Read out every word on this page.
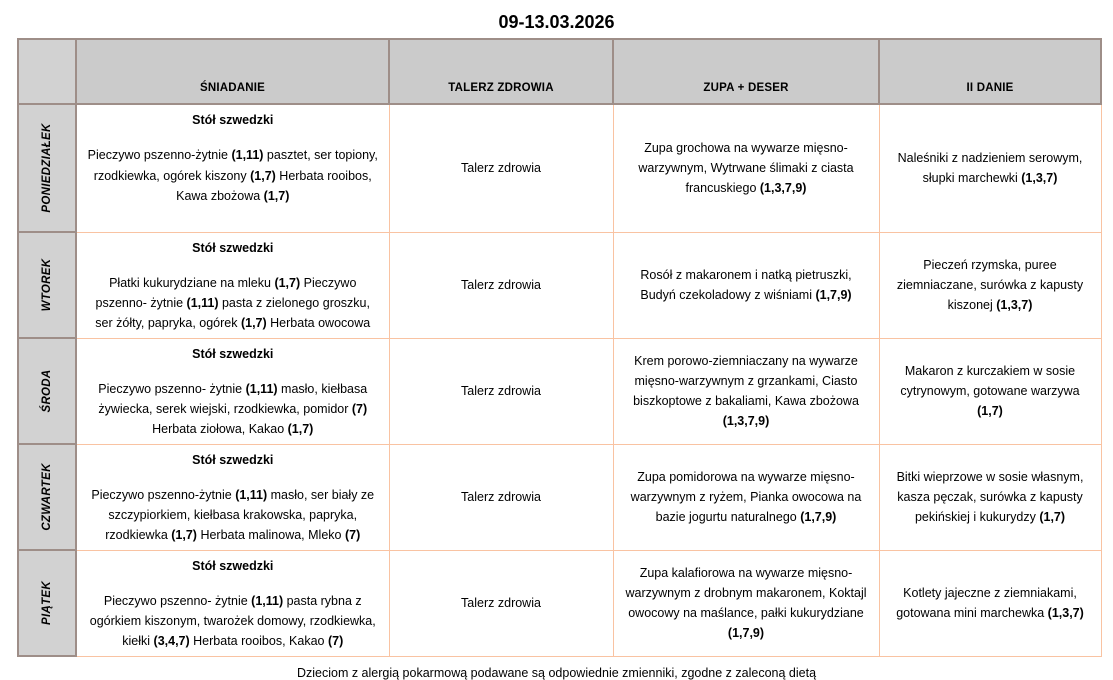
09-13.03.2026
	ŚNIADANIE	TALERZ ZDROWIA	ZUPA + DESER	II DANIE

PONIEDZIAŁEK	Stół szwedzki
Pieczywo pszenno-żytnie (1,11) pasztet, ser topiony, rzodkiewka, ogórek kiszony (1,7) Herbata rooibos, Kawa zbożowa (1,7)	Talerz zdrowia	Zupa grochowa na wywarze mięsno-warzywnym, Wytrwane ślimaki z ciasta francuskiego (1,3,7,9)	Naleśniki z nadzieniem serowym, słupki marchewki (1,3,7)

WTOREK	Stół szwedzki
Płatki kukurydziane na mleku (1,7) Pieczywo pszenno- żytnie (1,11) pasta z zielonego groszku, ser żółty, papryka, ogórek (1,7) Herbata owocowa	Talerz zdrowia	Rosół z makaronem i natką pietruszki, Budyń czekoladowy z wiśniami (1,7,9)	Pieczeń rzymska, puree ziemniaczane, surówka z kapusty kiszonej (1,3,7)

ŚRODA	Stół szwedzki
Pieczywo pszenno- żytnie (1,11) masło, kiełbasa żywiecka, serek wiejski, rzodkiewka, pomidor (7) Herbata ziołowa, Kakao (1,7)	Talerz zdrowia	Krem porowo-ziemniaczany na wywarze mięsno-warzywnym z grzankami, Ciasto biszkoptowe z bakaliami, Kawa zbożowa (1,3,7,9)	Makaron z kurczakiem w sosie cytrynowym, gotowane warzywa (1,7)

CZWARTEK	Stół szwedzki
Pieczywo pszenno-żytnie (1,11) masło, ser biały ze szczypiorkiem, kiełbasa krakowska, papryka, rzodkiewka (1,7) Herbata malinowa, Mleko (7)	Talerz zdrowia	Zupa pomidorowa na wywarze mięsno-warzywnym z ryżem, Pianka owocowa na bazie jogurtu naturalnego (1,7,9)	Bitki wieprzowe w sosie własnym, kasza pęczak, surówka z kapusty pekińskiej i kukurydzy (1,7)

PIĄTEK	Stół szwedzki
Pieczywo pszenno- żytnie (1,11) pasta rybna z ogórkiem kiszonym, twarożek domowy, rzodkiewka, kiełki (3,4,7) Herbata rooibos, Kakao (7)	Talerz zdrowia	Zupa kalafiorowa na wywarze mięsno-warzywnym z drobnym makaronem, Koktajl owocowy na maślance, pałki kukurydziane (1,7,9)	Kotlety jajeczne z ziemniakami, gotowana mini marchewka (1,3,7)
Dzieciom z alergią pokarmową podawane są odpowiednie zmienniki, zgodne z zaleconą dietą
